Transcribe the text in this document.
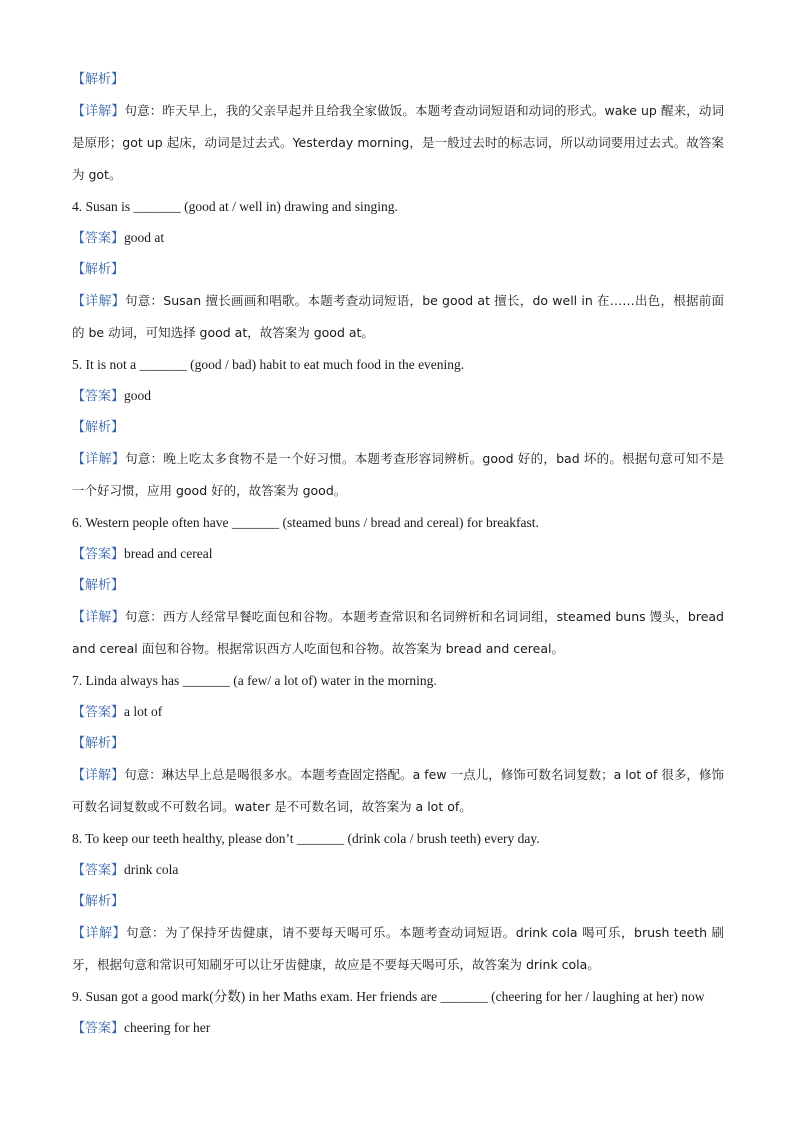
【解析】
【详解】句意：昨天早上，我的父亲早起并且给我全家做饭。本题考查动词短语和动词的形式。wake up 醒来，动词是原形；got up 起床，动词是过去式。Yesterday morning，是一般过去时的标志词，所以动词要用过去式。故答案为 got。
4. Susan is _______ (good at / well in) drawing and singing.
【答案】good at
【解析】
【详解】句意：Susan 擅长画画和唱歌。本题考查动词短语，be good at 擅长，do well in 在……出色，根据前面的 be 动词，可知选择 good at，故答案为 good at。
5. It is not a _______ (good / bad) habit to eat much food in the evening.
【答案】good
【解析】
【详解】句意：晚上吃太多食物不是一个好习惯。本题考查形容词辨析。good 好的，bad 坏的。根据句意可知不是一个好习惯，应用 good 好的，故答案为 good。
6. Western people often have _______ (steamed buns / bread and cereal) for breakfast.
【答案】bread and cereal
【解析】
【详解】句意：西方人经常早餐吃面包和谷物。本题考查常识和名词辨析和名词词组，steamed buns 馒头，bread and cereal 面包和谷物。根据常识西方人吃面包和谷物。故答案为 bread and cereal。
7. Linda always has _______ (a few/ a lot of) water in the morning.
【答案】a lot of
【解析】
【详解】句意：琳达早上总是喝很多水。本题考查固定搭配。a few 一点儿，修饰可数名词复数；a lot of 很多，修饰可数名词复数或不可数名词。water 是不可数名词，故答案为 a lot of。
8. To keep our teeth healthy, please don’t _______ (drink cola / brush teeth) every day.
【答案】drink cola
【解析】
【详解】句意：为了保持牙齿健康，请不要每天喝可乐。本题考查动词短语。drink cola 喝可乐，brush teeth 刷牙，根据句意和常识可知刷牙可以让牙齿健康，故应是不要每天喝可乐，故答案为 drink cola。
9. Susan got a good mark(分数) in her Maths exam. Her friends are _______ (cheering for her / laughing at her) now
【答案】cheering for her
